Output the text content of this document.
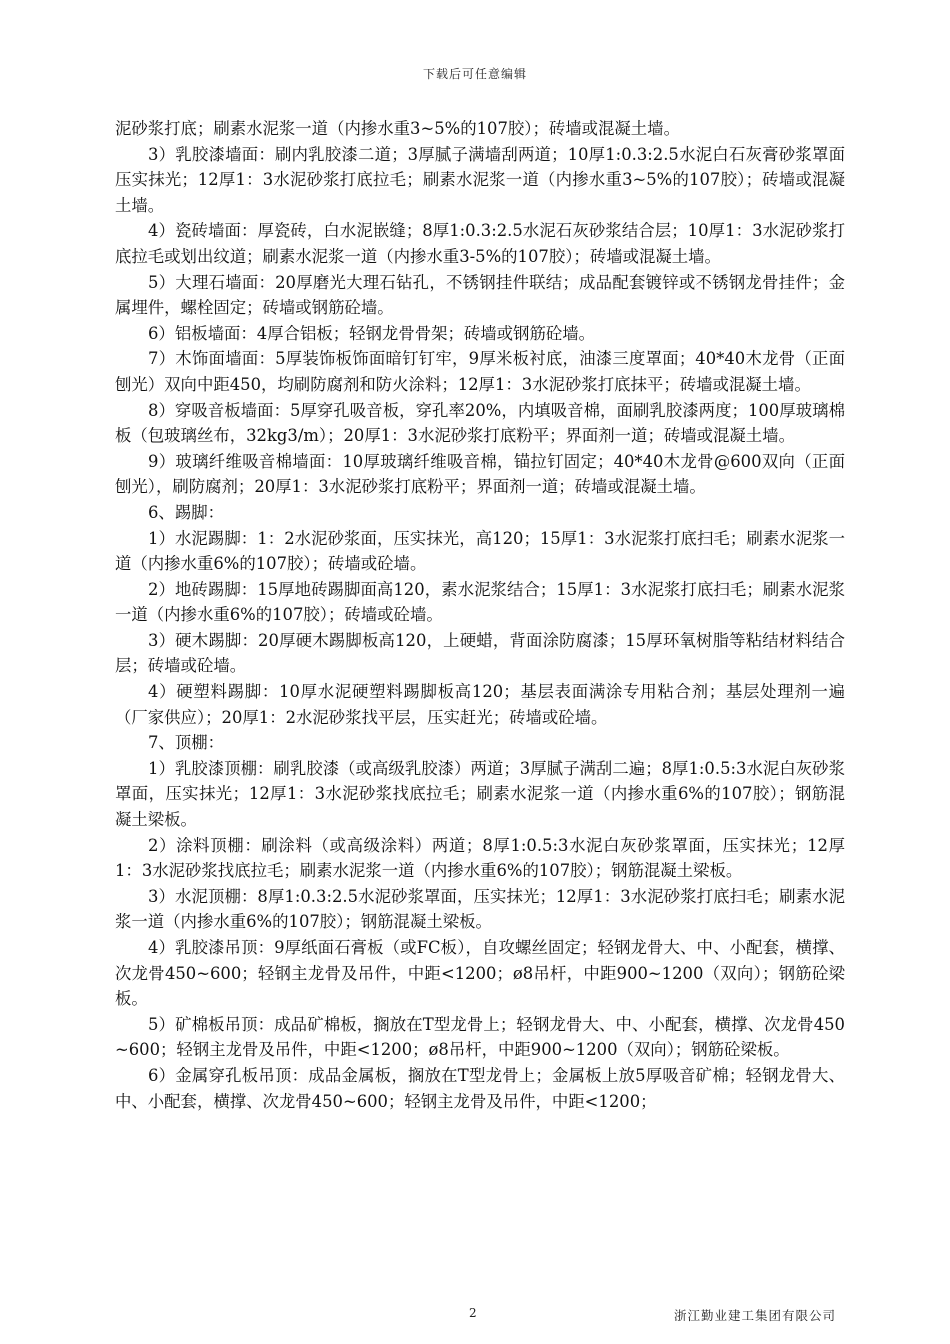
下载后可任意编辑

泥砂浆打底；刷素水泥浆一道（内掺水重3~5%的107胶）；砖墙或混凝土墙。

3）乳胶漆墙面：刷内乳胶漆二道；3厚腻子满墙刮两道；10厚1:0.3:2.5水泥白石灰膏砂浆罩面压实抹光；12厚1：3水泥砂浆打底拉毛；刷素水泥浆一道（内掺水重3~5%的107胶）；砖墙或混凝土墙。

4）瓷砖墙面：厚瓷砖，白水泥嵌缝；8厚1:0.3:2.5水泥石灰砂浆结合层；10厚1：3水泥砂浆打底拉毛或划出纹道；刷素水泥浆一道（内掺水重3-5%的107胶）；砖墙或混凝土墙。

5）大理石墙面：20厚磨光大理石钻孔，不锈钢挂件联结；成品配套镀锌或不锈钢龙骨挂件；金属埋件，螺栓固定；砖墙或钢筋砼墙。

6）铝板墙面：4厚合铝板；轻钢龙骨骨架；砖墙或钢筋砼墙。

7）木饰面墙面：5厚装饰板饰面暗钉钉牢，9厚米板衬底，油漆三度罩面；40*40木龙骨（正面刨光）双向中距450，均刷防腐剂和防火涂料；12厚1：3水泥砂浆打底抹平；砖墙或混凝土墙。

8）穿吸音板墙面：5厚穿孔吸音板，穿孔率20%，内填吸音棉，面刷乳胶漆两度；100厚玻璃棉板（包玻璃丝布，32kg3/m）；20厚1：3水泥砂浆打底粉平；界面剂一道；砖墙或混凝土墙。

9）玻璃纤维吸音棉墙面：10厚玻璃纤维吸音棉，锚拉钉固定；40*40木龙骨@600双向（正面刨光），刷防腐剂；20厚1：3水泥砂浆打底粉平；界面剂一道；砖墙或混凝土墙。

6、踢脚：

1）水泥踢脚：1：2水泥砂浆面，压实抹光，高120；15厚1：3水泥浆打底扫毛；刷素水泥浆一道（内掺水重6%的107胶）；砖墙或砼墙。

2）地砖踢脚：15厚地砖踢脚面高120，素水泥浆结合；15厚1：3水泥浆打底扫毛；刷素水泥浆一道（内掺水重6%的107胶）；砖墙或砼墙。

3）硬木踢脚：20厚硬木踢脚板高120，上硬蜡，背面涂防腐漆；15厚环氧树脂等粘结材料结合层；砖墙或砼墙。

4）硬塑料踢脚：10厚水泥硬塑料踢脚板高120；基层表面满涂专用粘合剂；基层处理剂一遍（厂家供应）；20厚1：2水泥砂浆找平层，压实赶光；砖墙或砼墙。

7、顶棚：

1）乳胶漆顶棚：刷乳胶漆（或高级乳胶漆）两道；3厚腻子满刮二遍；8厚1:0.5:3水泥白灰砂浆罩面，压实抹光；12厚1：3水泥砂浆找底拉毛；刷素水泥浆一道（内掺水重6%的107胶）；钢筋混凝土梁板。

2）涂料顶棚：刷涂料（或高级涂料）两道；8厚1:0.5:3水泥白灰砂浆罩面，压实抹光；12厚1：3水泥砂浆找底拉毛；刷素水泥浆一道（内掺水重6%的107胶）；钢筋混凝土梁板。

3）水泥顶棚：8厚1:0.3:2.5水泥砂浆罩面，压实抹光；12厚1：3水泥砂浆打底扫毛；刷素水泥浆一道（内掺水重6%的107胶）；钢筋混凝土梁板。

4）乳胶漆吊顶：9厚纸面石膏板（或FC板），自攻螺丝固定；轻钢龙骨大、中、小配套，横撑、次龙骨450~600；轻钢主龙骨及吊件，中距<1200；ø8吊杆，中距900~1200（双向）；钢筋砼梁板。

5）矿棉板吊顶：成品矿棉板，搁放在T型龙骨上；轻钢龙骨大、中、小配套，横撑、次龙骨450~600；轻钢主龙骨及吊件，中距<1200；ø8吊杆，中距900~1200（双向）；钢筋砼梁板。

6）金属穿孔板吊顶：成品金属板，搁放在T型龙骨上；金属板上放5厚吸音矿棉；轻钢龙骨大、中、小配套，横撑、次龙骨450~600；轻钢主龙骨及吊件，中距<1200；

2	浙江勤业建工集团有限公司
